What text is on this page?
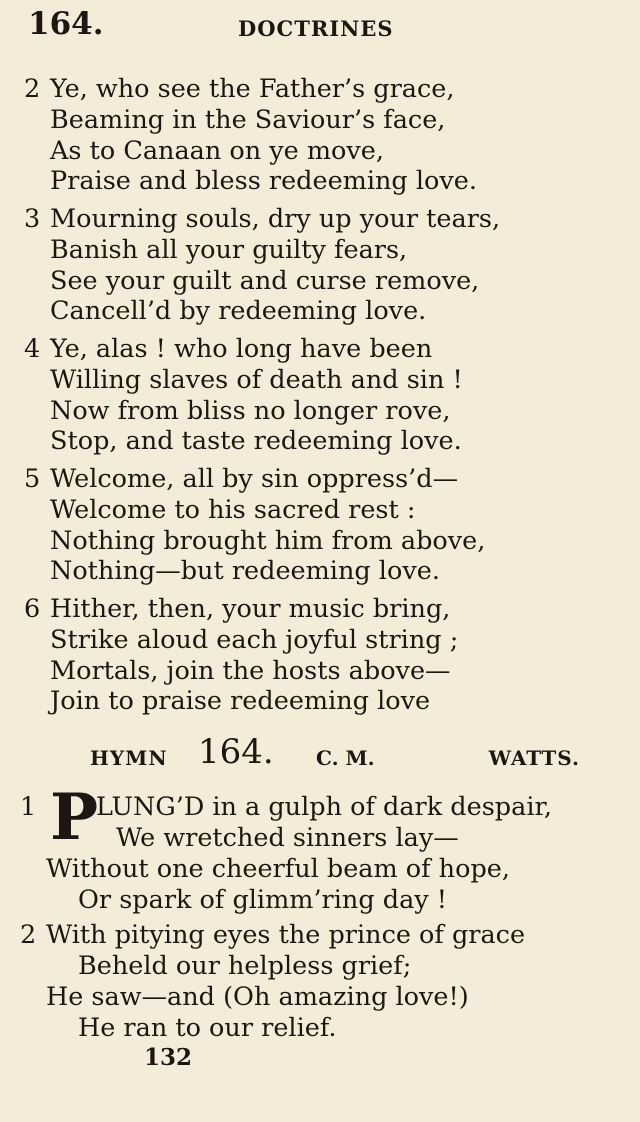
164.	DOCTRINES
2 Ye, who see the Father’s grace,
Beaming in the Saviour’s face,
As to Canaan on ye move,
Praise and bless redeeming love.
3 Mourning souls, dry up your tears,
Banish all your guilty fears,
See your guilt and curse remove,
Cancell’d by redeeming love.
4 Ye, alas ! who long have been
Willing slaves of death and sin !
Now from bliss no longer rove,
Stop, and taste redeeming love.
5 Welcome, all by sin oppress’d—
Welcome to his sacred rest :
Nothing brought him from above,
Nothing—but redeeming love.
6 Hither, then, your music bring,
Strike aloud each joyful string ;
Mortals, join the hosts above—
Join to praise redeeming love
HYMN 164. C. M.	WATTS.
P
1 LUNG’D in a gulph of dark despair,
We wretched sinners lay—
Without one cheerful beam of hope,
Or spark of glimm’ring day !
2 With pitying eyes the prince of grace
Beheld our helpless grief;
He saw—and (Oh amazing love!)
He ran to our relief.
132
